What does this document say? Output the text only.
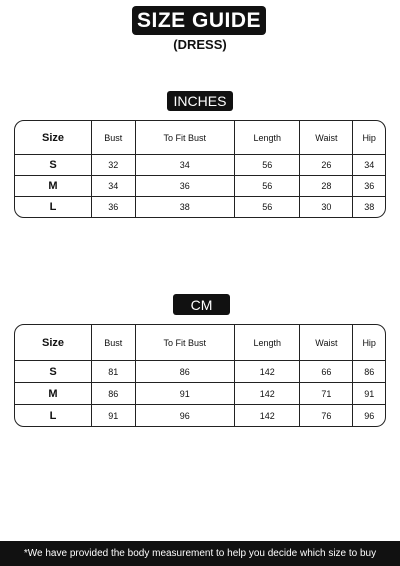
SIZE GUIDE
(DRESS)
INCHES
Size	Bust	To Fit Bust	Length	Waist	Hip
S	32	34	56	26	34
M	34	36	56	28	36
L	36	38	56	30	38
CM
Size	Bust	To Fit Bust	Length	Waist	Hip
S	81	86	142	66	86
M	86	91	142	71	91
L	91	96	142	76	96
*We have provided the body measurement to help you decide which size to buy
